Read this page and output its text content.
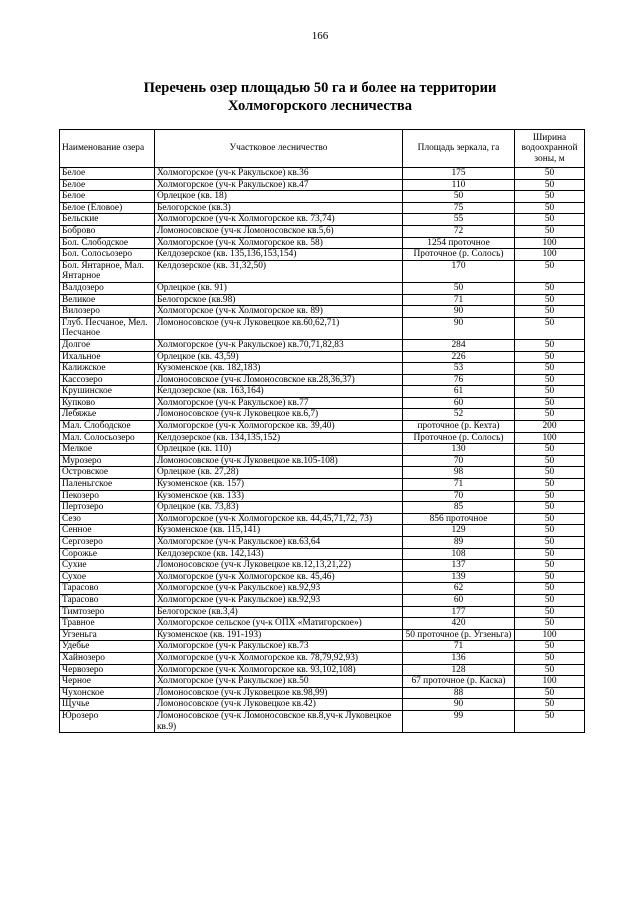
166
Перечень озер площадью 50 га и более на территории
Холмогорского лесничества
Наименование озера	Участковое лесничество	Площадь зеркала, га	Ширина водоохранной зоны, м
Белое	Холмогорское (уч-к Ракульское) кв.36	175	50
Белое	Холмогорское (уч-к Ракульское) кв.47	110	50
Белое	Орлецкое (кв. 18)	50	50
Белое (Еловое)	Белогорское (кв.3)	75	50
Бельские	Холмогорское (уч-к Холмогорское кв. 73,74)	55	50
Боброво	Ломоносовское (уч-к Ломоносовское кв.5,6)	72	50
Бол. Слободское	Холмогорское (уч-к Холмогорское кв. 58)	1254 проточное	100
Бол. Солосьозеро	Келдозерское (кв. 135,136,153,154)	Проточное (р. Солось)	100
Бол. Янтарное, Мал. Янтарное	Келдозерское (кв. 31,32,50)	170	50
Валдозеро	Орлецкое (кв. 91)	50	50
Великое	Белогорское (кв.98)	71	50
Вилозеро	Холмогорское (уч-к Холмогорское кв. 89)	90	50
Глуб. Песчаное, Мел. Песчаное	Ломоносовское (уч-к Луковецкое кв.60,62,71)	90	50
Долгое	Холмогорское (уч-к Ракульское) кв.70,71,82,83	284	50
Ихальное	Орлецкое (кв. 43,59)	226	50
Калижское	Кузоменское (кв. 182,183)	53	50
Кассозеро	Ломоносовское (уч-к Ломоносовское кв.28,36,37)	76	50
Крушинское	Келдозерское (кв. 163,164)	61	50
Купково	Холмогорское (уч-к Ракульское) кв.77	60	50
Лебяжье	Ломоносовское (уч-к Луковецкое кв.6,7)	52	50
Мал. Слободское	Холмогорское (уч-к Холмогорское кв. 39,40)	проточное (р. Кехта)	200
Мал. Солосьозеро	Келдозерское (кв. 134,135,152)	Проточное (р. Солось)	100
Мелкое	Орлецкое (кв. 110)	130	50
Мурозеро	Ломоносовское (уч-к Луковецкое кв.105-108)	70	50
Островское	Орлецкое (кв. 27,28)	98	50
Паленьгское	Кузоменское (кв. 157)	71	50
Пекозеро	Кузоменское (кв. 133)	70	50
Пертозеро	Орлецкое (кв. 73,83)	85	50
Сезо	Холмогорское (уч-к Холмогорское кв. 44,45,71,72, 73)	856 проточное	50
Сенное	Кузоменское (кв. 115,141)	129	50
Сергозеро	Холмогорское (уч-к Ракульское) кв.63,64	89	50
Сорожье	Келдозерское (кв. 142,143)	108	50
Сухие	Ломоносовское (уч-к Луковецкое кв.12,13,21,22)	137	50
Сухое	Холмогорское (уч-к Холмогорское кв. 45,46)	139	50
Тарасово	Холмогорское (уч-к Ракульское) кв.92,93	62	50
Тарасово	Холмогорское (уч-к Ракульское) кв.92,93	60	50
Тимтозеро	Белогорское (кв.3,4)	177	50
Травное	Холмогорское сельское (уч-к ОПХ «Матигорское»)	420	50
Угзеньга	Кузоменское (кв. 191-193)	50 проточное (р. Угзеньга)	100
Удебье	Холмогорское (уч-к Ракульское) кв.73	71	50
Хайнозеро	Холмогорское (уч-к Холмогорское кв. 78,79,92,93)	136	50
Червозеро	Холмогорское (уч-к Холмогорское кв. 93,102,108)	128	50
Черное	Холмогорское (уч-к Ракульское) кв.50	67 проточное (р. Каска)	100
Чухонское	Ломоносовское (уч-к Луковецкое кв.98,99)	88	50
Щучье	Ломоносовское (уч-к Луковецкое кв.42)	90	50
Юрозеро	Ломоносовское (уч-к Ломоносовское кв.8,уч-к Луковецкое кв.9)	99	50
